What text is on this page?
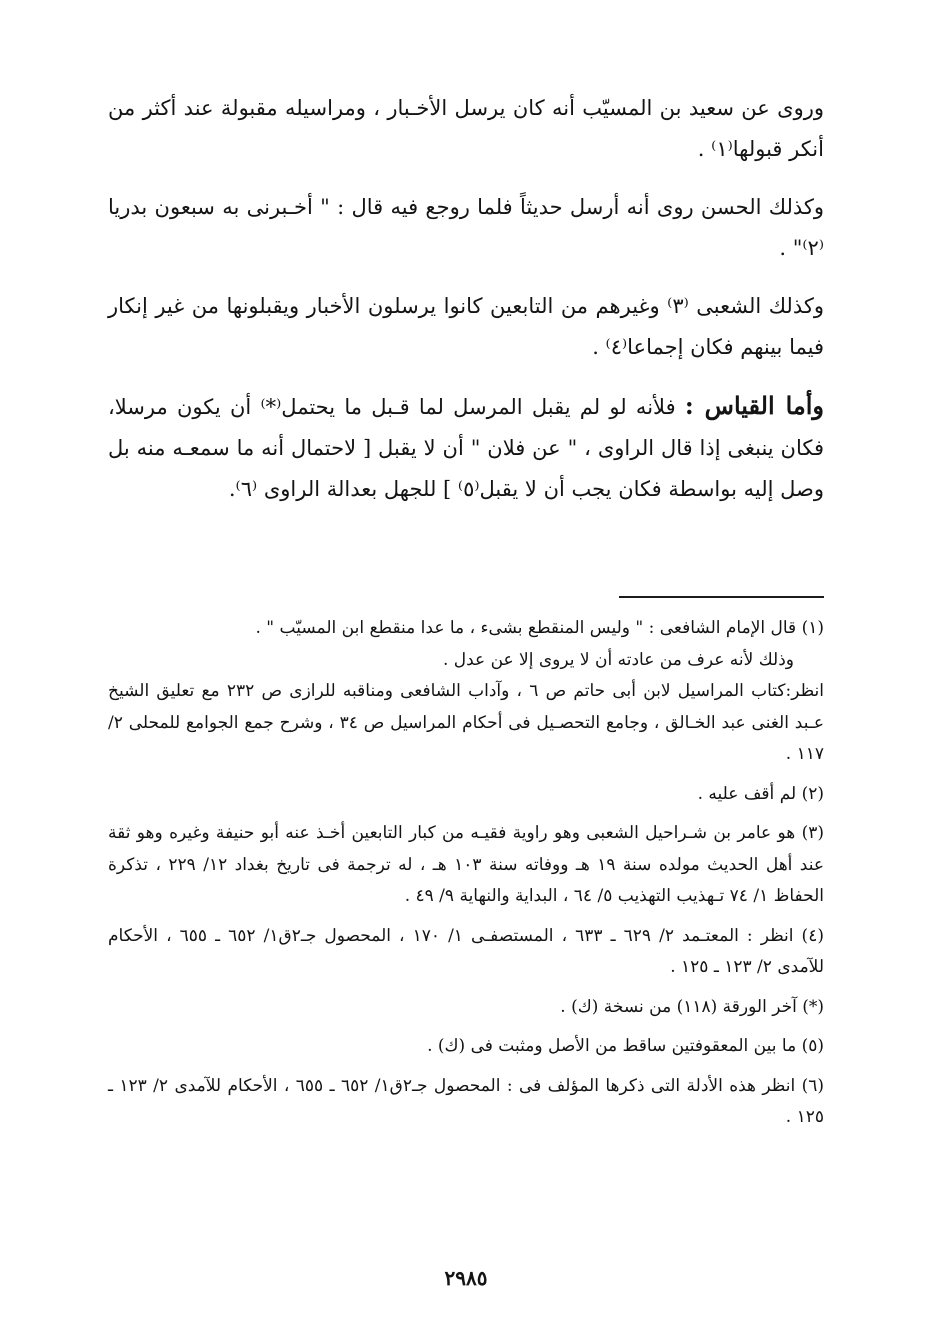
وروى عن سعيد بن المسيّب أنه كان يرسل الأخـبار ، ومراسيله مقبولة عند أكثر من أنكر قبولها⁽١⁾ .

وكذلك الحسن روى أنه أرسل حديثاً فلما روجع فيه قال : " أخـبرنى به سبعون بدريا ⁽٢⁾" .

وكذلك الشعبى ⁽٣⁾ وغيرهم من التابعين كانوا يرسلون الأخبار ويقبلونها من غير إنكار فيما بينهم فكان إجماعا⁽٤⁾ .

وأما القياس : فلأنه لو لم يقبل المرسل لما قـبل ما يحتمل⁽*⁾ أن يكون مرسلا، فكان ينبغى إذا قال الراوى ، " عن فلان " أن لا يقبل [ لاحتمال أنه ما سمعـه منه بل وصل إليه بواسطة فكان يجب أن لا يقبل⁽٥⁾ ] للجهل بعدالة الراوى ⁽٦⁾.

(١) قال الإمام الشافعى : " وليس المنقطع بشىء ، ما عدا منقطع ابن المسيّب " .
وذلك لأنه عرف من عادته أن لا يروى إلا عن عدل .
انظر:كتاب المراسيل لابن أبى حاتم ص ٦ ، وآداب الشافعى ومناقبه للرازى ص ٢٣٢ مع تعليق الشيخ عـبد الغنى عبد الخـالق ، وجامع التحصـيل فى أحكام المراسيل ص ٣٤ ، وشرح جمع الجوامع للمحلى ٢/ ١١٧ .
(٢) لم أقف عليه .
(٣) هو عامر بن شـراحيل الشعبى وهو راوية فقيـه من كبار التابعين أخـذ عنه أبو حنيفة وغيره وهو ثقة عند أهل الحديث مولده سنة ١٩ هـ ووفاته سنة ١٠٣ هـ ، له ترجمة فى تاريخ بغداد ١٢/ ٢٢٩ ، تذكرة الحفاظ ١/ ٧٤ تـهذيب التهذيب ٥/ ٦٤ ، البداية والنهاية ٩/ ٤٩ .
(٤) انظر : المعتـمد ٢/ ٦٢٩ ـ ٦٣٣ ، المستصفـى ١/ ١٧٠ ، المحصول جـ٢ق١/ ٦٥٢ ـ ٦٥٥ ، الأحكام للآمدى ٢/ ١٢٣ ـ ١٢٥ .
(*) آخر الورقة (١١٨) من نسخة (ك) .
(٥) ما بين المعقوفتين ساقط من الأصل ومثبت فى (ك) .
(٦) انظر هذه الأدلة التى ذكرها المؤلف فى : المحصول جـ٢ق١/ ٦٥٢ ـ ٦٥٥ ، الأحكام للآمدى ٢/ ١٢٣ ـ ١٢٥ .
٢٩٨٥
